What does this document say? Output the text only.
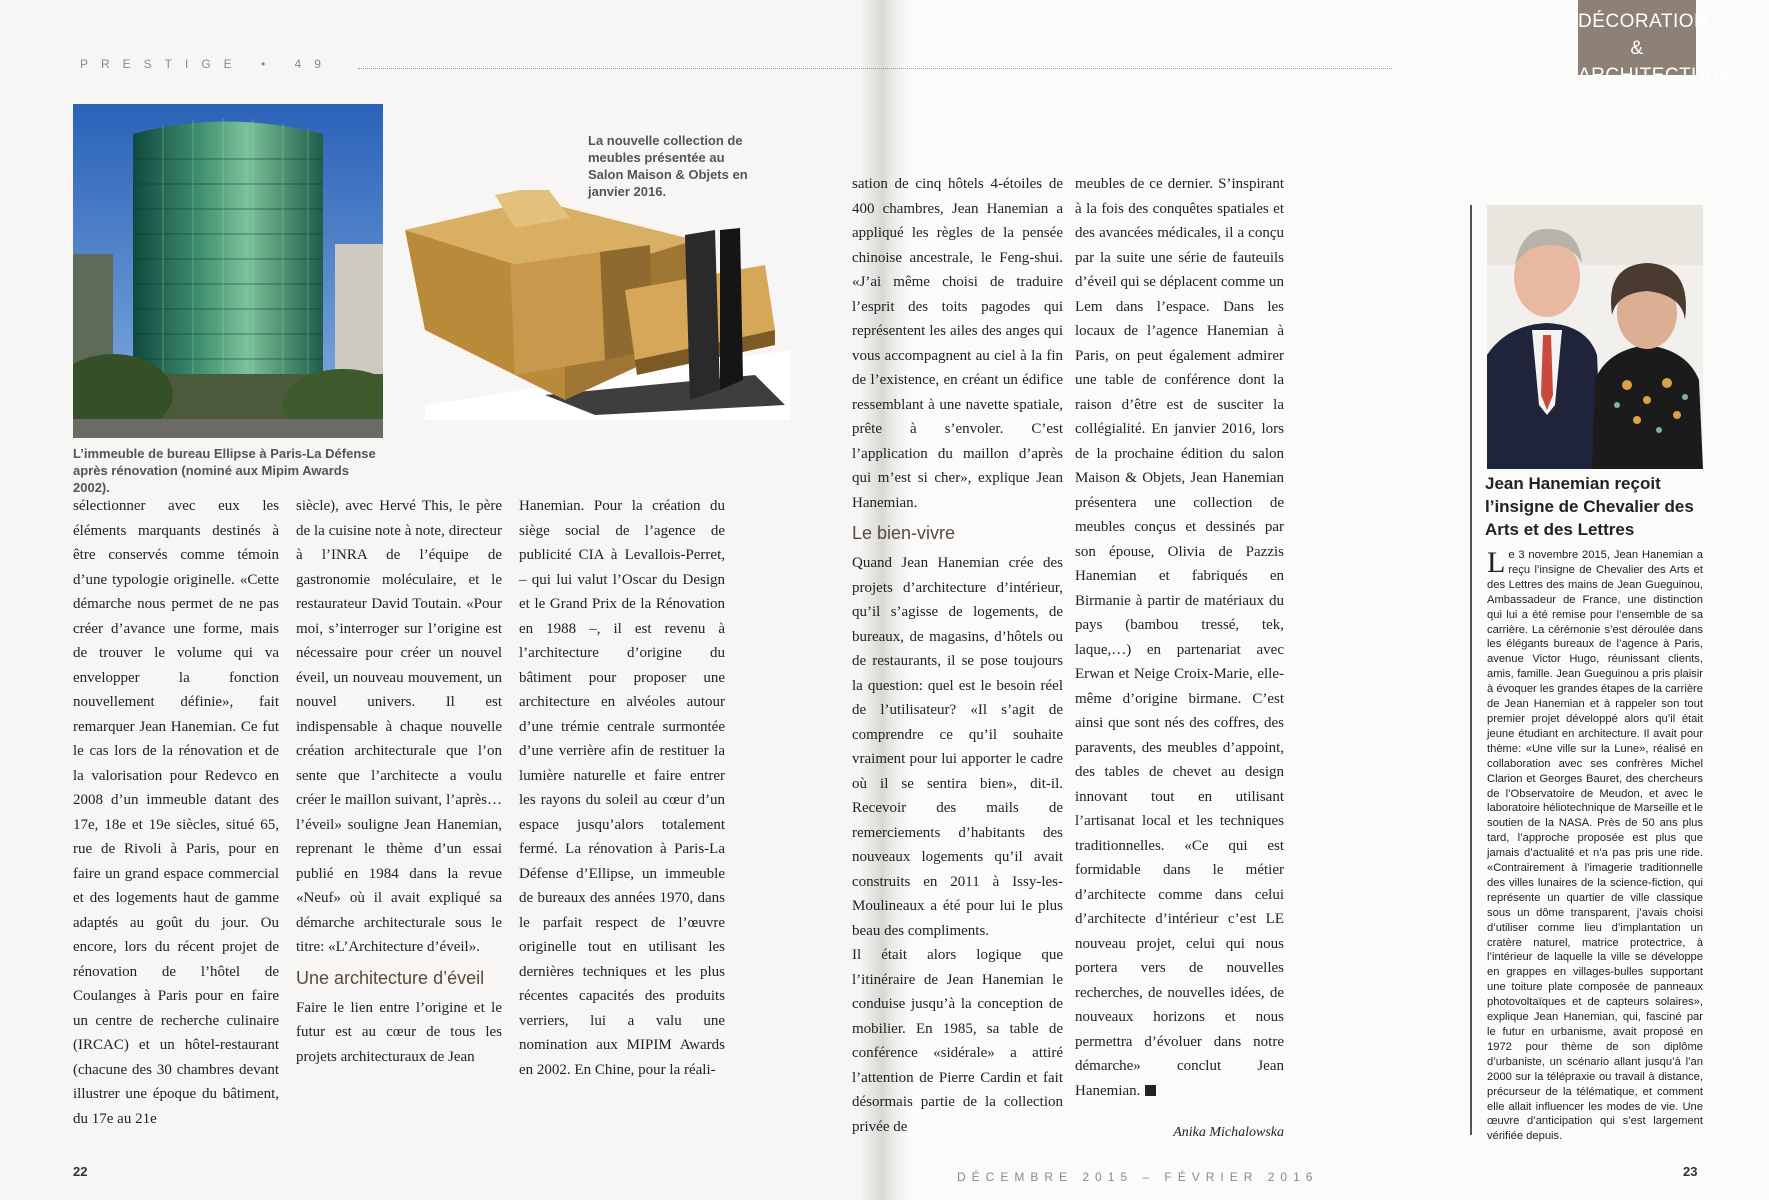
PRESTIGE • 49
DÉCORATION &
ARCHITECTURE
L’immeuble de bureau Ellipse à Paris-La Défense après rénovation (nominé aux Mipim Awards 2002).
La nouvelle collection de meubles présentée au Salon Maison & Objets en janvier 2016.

sélectionner avec eux les éléments marquants destinés à être conservés comme témoin d’une typologie originelle. «Cette démarche nous permet de ne pas créer d’avance une forme, mais de trouver le volume qui va envelopper la fonction nouvellement définie», fait remarquer Jean Hanemian. Ce fut le cas lors de la rénovation et de la valorisation pour Redevco en 2008 d’un immeuble datant des 17e, 18e et 19e siècles, situé 65, rue de Rivoli à Paris, pour en faire un grand espace commercial et des logements haut de gamme adaptés au goût du jour. Ou encore, lors du récent projet de rénovation de l’hôtel de Coulanges à Paris pour en faire un centre de recherche culinaire (IRCAC) et un hôtel-restaurant (chacune des 30 chambres devant illustrer une époque du bâtiment, du 17e au 21e

siècle), avec Hervé This, le père de la cuisine note à note, directeur à l’INRA de l’équipe de gastronomie moléculaire, et le restaurateur David Toutain. «Pour moi, s’interroger sur l’origine est nécessaire pour créer un nouvel éveil, un nouveau mouvement, un nouvel univers. Il est indispensable à chaque nouvelle création architecturale que l’on sente que l’architecte a voulu créer le maillon suivant, l’après… l’éveil» souligne Jean Hanemian, reprenant le thème d’un essai publié en 1984 dans la revue «Neuf» où il avait expliqué sa démarche architecturale sous le titre: «L’Architecture d’éveil».

Une architecture d’éveil

Faire le lien entre l’origine et le futur est au cœur de tous les projets architecturaux de Jean

Hanemian. Pour la création du siège social de l’agence de publicité CIA à Levallois-Perret, – qui lui valut l’Oscar du Design et le Grand Prix de la Rénovation en 1988 –, il est revenu à l’architecture d’origine du bâtiment pour proposer une architecture en alvéoles autour d’une trémie centrale surmontée d’une verrière afin de restituer la lumière naturelle et faire entrer les rayons du soleil au cœur d’un espace jusqu’alors totalement fermé. La rénovation à Paris-La Défense d’Ellipse, un immeuble de bureaux des années 1970, dans le parfait respect de l’œuvre originelle tout en utilisant les dernières techniques et les plus récentes capacités des produits verriers, lui a valu une nomination aux MIPIM Awards en 2002. En Chine, pour la réali-

sation de cinq hôtels 4-étoiles de 400 chambres, Jean Hanemian a appliqué les règles de la pensée chinoise ancestrale, le Feng-shui. «J’ai même choisi de traduire l’esprit des toits pagodes qui représentent les ailes des anges qui vous accompagnent au ciel à la fin de l’existence, en créant un édifice ressemblant à une navette spatiale, prête à s’envoler. C’est l’application du maillon d’après qui m’est si cher», explique Jean Hanemian.

Le bien-vivre

Quand Jean Hanemian crée des projets d’architecture d’intérieur, qu’il s’agisse de logements, de bureaux, de magasins, d’hôtels ou de restaurants, il se pose toujours la question: quel est le besoin réel de l’utilisateur? «Il s’agit de comprendre ce qu’il souhaite vraiment pour lui apporter le cadre où il se sentira bien», dit-il. Recevoir des mails de remerciements d’habitants des nouveaux logements qu’il avait construits en 2011 à Issy-les-Moulineaux a été pour lui le plus beau des compliments.

Il était alors logique que l’itinéraire de Jean Hanemian le conduise jusqu’à la conception de mobilier. En 1985, sa table de conférence «sidérale» a attiré l’attention de Pierre Cardin et fait désormais partie de la collection privée de

meubles de ce dernier. S’inspirant à la fois des conquêtes spatiales et des avancées médicales, il a conçu par la suite une série de fauteuils d’éveil qui se déplacent comme un Lem dans l’espace. Dans les locaux de l’agence Hanemian à Paris, on peut également admirer une table de conférence dont la raison d’être est de susciter la collégialité. En janvier 2016, lors de la prochaine édition du salon Maison & Objets, Jean Hanemian présentera une collection de meubles conçus et dessinés par son épouse, Olivia de Pazzis Hanemian et fabriqués en Birmanie à partir de matériaux du pays (bambou tressé, tek, laque,…) en partenariat avec Erwan et Neige Croix-Marie, elle-même d’origine birmane. C’est ainsi que sont nés des coffres, des paravents, des meubles d’appoint, des tables de chevet au design innovant tout en utilisant l’artisanat local et les techniques traditionnelles. «Ce qui est formidable dans le métier d’architecte comme dans celui d’architecte d’intérieur c’est LE nouveau projet, celui qui nous portera vers de nouvelles recherches, de nouvelles idées, de nouveaux horizons et nous permettra d’évoluer dans notre démarche» conclut Jean Hanemian.

Anika Michalowska

Jean Hanemian reçoit l’insigne de Chevalier des Arts et des Lettres

Le 3 novembre 2015, Jean Hanemian a reçu l’insigne de Chevalier des Arts et des Lettres des mains de Jean Gueguinou, Ambassadeur de France, une distinction qui lui a été remise pour l’ensemble de sa carrière. La cérémonie s’est déroulée dans les élégants bureaux de l’agence à Paris, avenue Victor Hugo, réunissant clients, amis, famille. Jean Gueguinou a pris plaisir à évoquer les grandes étapes de la carrière de Jean Hanemian et à rappeler son tout premier projet développé alors qu’il était jeune étudiant en architecture. Il avait pour thème: «Une ville sur la Lune», réalisé en collaboration avec ses confrères Michel Clarion et Georges Bauret, des chercheurs de l’Observatoire de Meudon, et avec le laboratoire héliotechnique de Marseille et le soutien de la NASA. Près de 50 ans plus tard, l’approche proposée est plus que jamais d’actualité et n’a pas pris une ride. «Contrairement à l’imagerie traditionnelle des villes lunaires de la science-fiction, qui représente un quartier de ville classique sous un dôme transparent, j’avais choisi d’utiliser comme lieu d’implantation un cratère naturel, matrice protectrice, à l’intérieur de laquelle la ville se développe en grappes en villages-bulles supportant une toiture plate composée de panneaux photovoltaïques et de capteurs solaires», explique Jean Hanemian, qui, fasciné par le futur en urbanisme, avait proposé en 1972 pour thème de son diplôme d’urbaniste, un scénario allant jusqu’à l’an 2000 sur la télépraxie ou travail à distance, précurseur de la télématique, et comment elle allait influencer les modes de vie. Une œuvre d’anticipation qui s’est largement vérifiée depuis.

22	23
DÉCEMBRE 2015 – FÉVRIER 2016
